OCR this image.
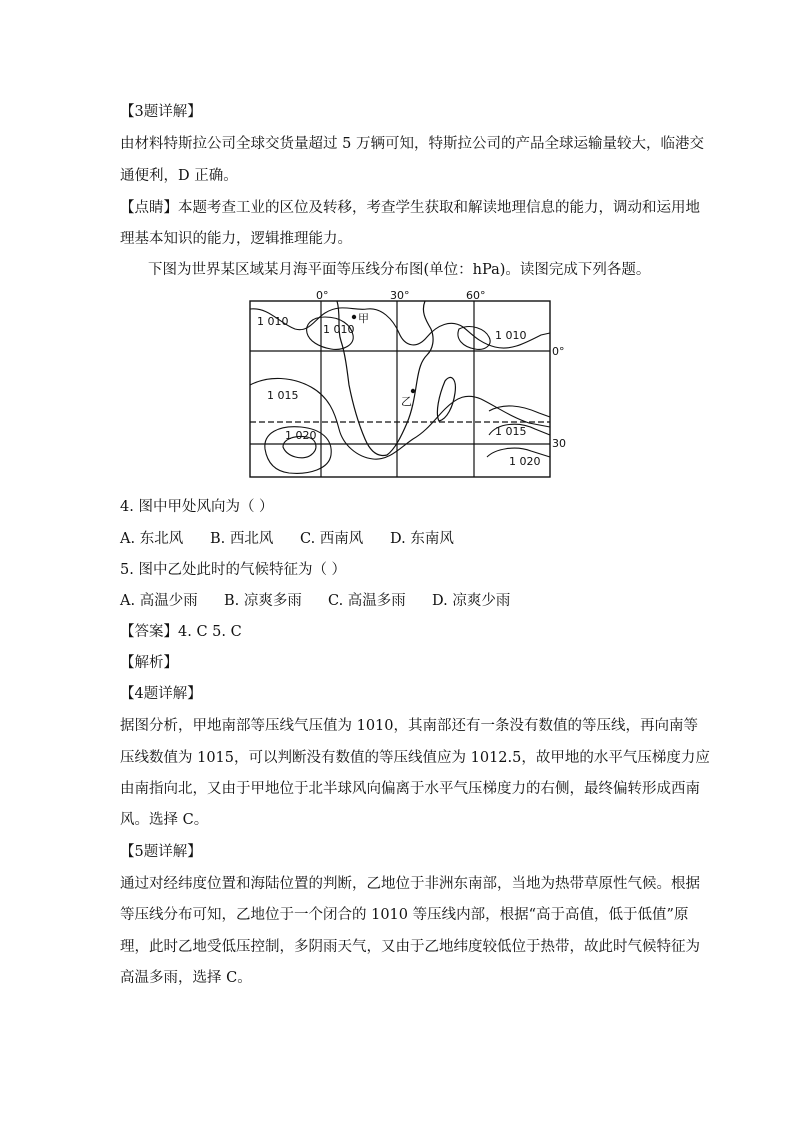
【3题详解】
由材料特斯拉公司全球交货量超过 5 万辆可知，特斯拉公司的产品全球运输量较大，临港交
通便利，D 正确。
【点睛】本题考查工业的区位及转移，考查学生获取和解读地理信息的能力，调动和运用地
理基本知识的能力，逻辑推理能力。
下图为世界某区域某月海平面等压线分布图(单位：hPa)。读图完成下列各题。
0°	30°	60°
0°
30
1 010
1 010	1 010
1 015
1 015
1 020
1 020
甲
乙
4. 图中甲处风向为（ ）
A. 东北风 B. 西北风 C. 西南风 D. 东南风
5. 图中乙处此时的气候特征为（ ）
A. 高温少雨 B. 凉爽多雨 C. 高温多雨 D. 凉爽少雨
【答案】4. C 5. C
【解析】
【4题详解】
据图分析，甲地南部等压线气压值为 1010，其南部还有一条没有数值的等压线，再向南等
压线数值为 1015，可以判断没有数值的等压线值应为 1012.5，故甲地的水平气压梯度力应
由南指向北，又由于甲地位于北半球风向偏离于水平气压梯度力的右侧，最终偏转形成西南
风。选择 C。
【5题详解】
通过对经纬度位置和海陆位置的判断，乙地位于非洲东南部，当地为热带草原性气候。根据
等压线分布可知，乙地位于一个闭合的 1010 等压线内部，根据“高于高值，低于低值”原
理，此时乙地受低压控制，多阴雨天气，又由于乙地纬度较低位于热带，故此时气候特征为
高温多雨，选择 C。
